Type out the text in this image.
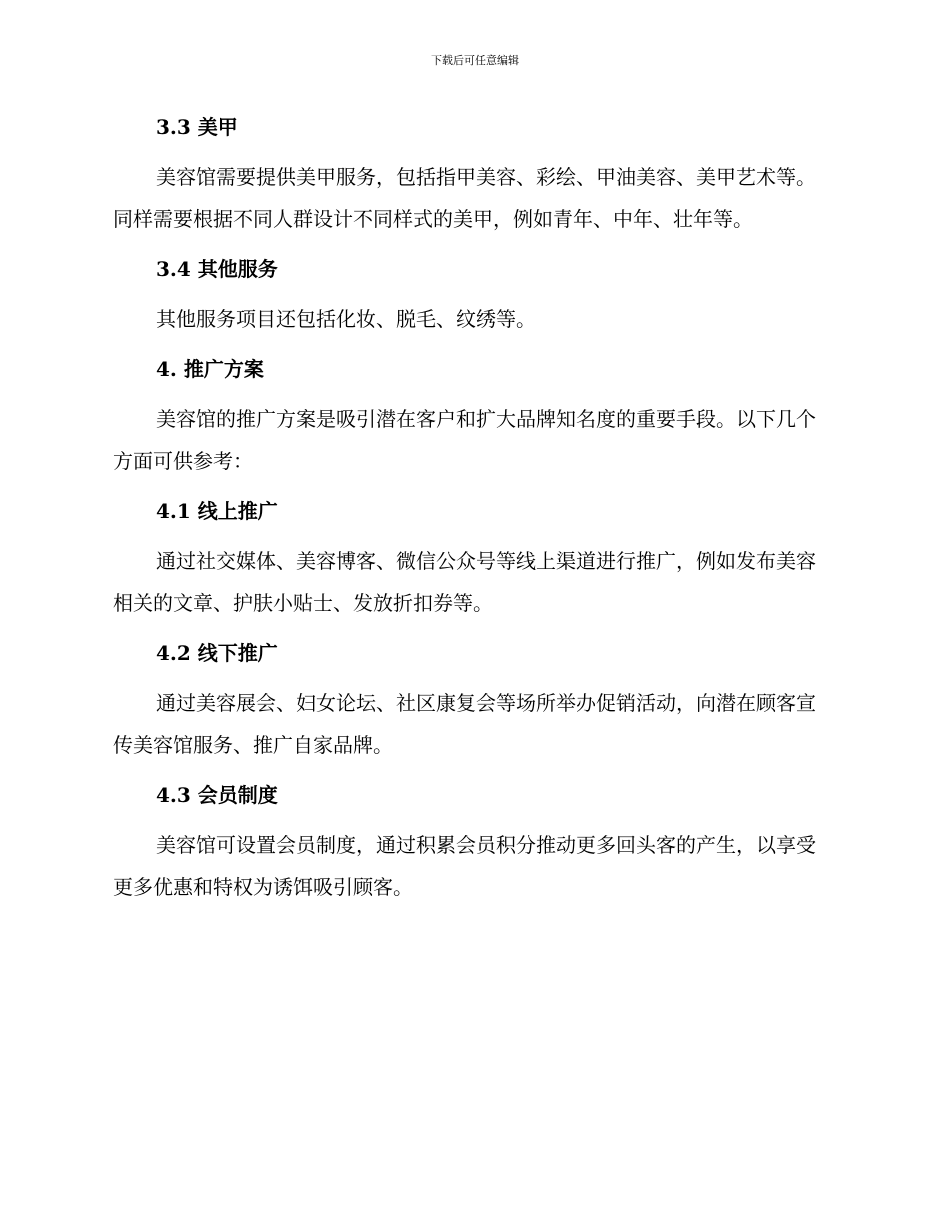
下载后可任意编辑
3.3 美甲

美容馆需要提供美甲服务，包括指甲美容、彩绘、甲油美容、美甲艺术等。同样需要根据不同人群设计不同样式的美甲，例如青年、中年、壮年等。

3.4 其他服务

其他服务项目还包括化妆、脱毛、纹绣等。

4. 推广方案

美容馆的推广方案是吸引潜在客户和扩大品牌知名度的重要手段。以下几个方面可供参考：

4.1 线上推广

通过社交媒体、美容博客、微信公众号等线上渠道进行推广，例如发布美容相关的文章、护肤小贴士、发放折扣券等。

4.2 线下推广

通过美容展会、妇女论坛、社区康复会等场所举办促销活动，向潜在顾客宣传美容馆服务、推广自家品牌。

4.3 会员制度

美容馆可设置会员制度，通过积累会员积分推动更多回头客的产生，以享受更多优惠和特权为诱饵吸引顾客。
